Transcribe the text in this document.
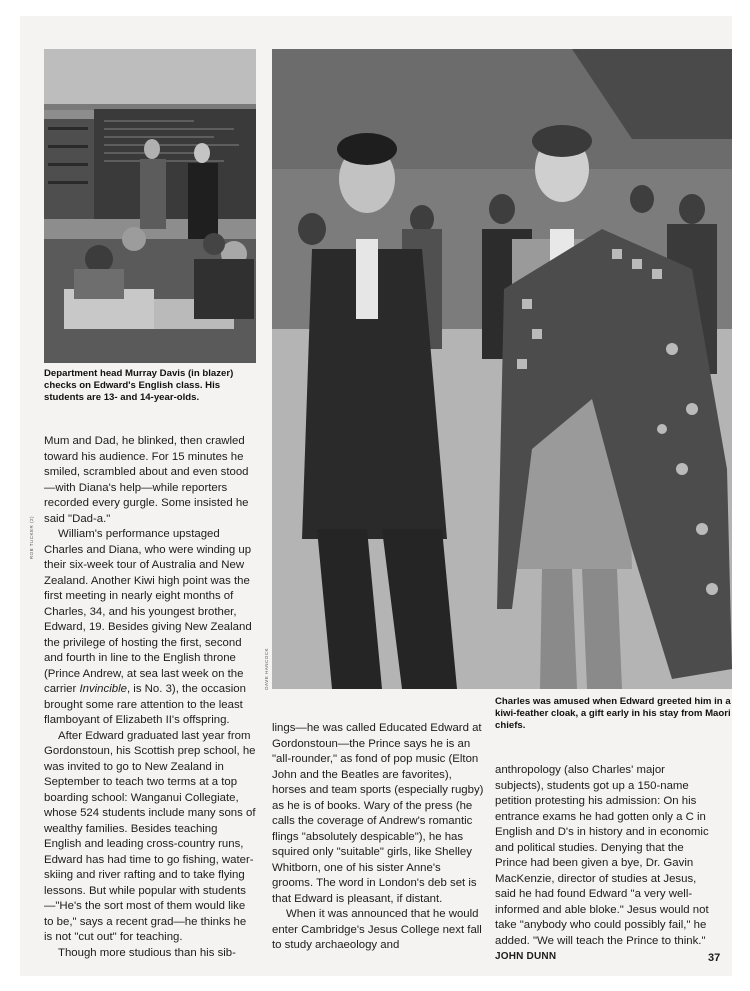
Department head Murray Davis (in blazer) checks on Edward's English class. His students are 13- and 14-year-olds.
ROB TUCKER (2)
DAVE HANCOCK
Charles was amused when Edward greeted him in a kiwi-feather cloak, a gift early in his stay from Maori chiefs.

Mum and Dad, he blinked, then crawled toward his audience. For 15 minutes he smiled, scrambled about and even stood—with Diana's help—while reporters recorded every gurgle. Some insisted he said "Dad-a."

William's performance upstaged Charles and Diana, who were winding up their six-week tour of Australia and New Zealand. Another Kiwi high point was the first meeting in nearly eight months of Charles, 34, and his youngest brother, Edward, 19. Besides giving New Zealand the privilege of hosting the first, second and fourth in line to the English throne (Prince Andrew, at sea last week on the carrier Invincible, is No. 3), the occasion brought some rare attention to the least flamboyant of Elizabeth II's offspring.

After Edward graduated last year from Gordonstoun, his Scottish prep school, he was invited to go to New Zealand in September to teach two terms at a top boarding school: Wanganui Collegiate, whose 524 students include many sons of wealthy families. Besides teaching English and leading cross-country runs, Edward has had time to go fishing, water-skiing and river rafting and to take flying lessons. But while popular with students—"He's the sort most of them would like to be," says a recent grad—he thinks he is not "cut out" for teaching.

Though more studious than his sib-

lings—he was called Educated Edward at Gordonstoun—the Prince says he is an "all-rounder," as fond of pop music (Elton John and the Beatles are favorites), horses and team sports (especially rugby) as he is of books. Wary of the press (he calls the coverage of Andrew's romantic flings "absolutely despicable"), he has squired only "suitable" girls, like Shelley Whitborn, one of his sister Anne's grooms. The word in London's deb set is that Edward is pleasant, if distant.

When it was announced that he would enter Cambridge's Jesus College next fall to study archaeology and

anthropology (also Charles' major subjects), students got up a 150-name petition protesting his admission: On his entrance exams he had gotten only a C in English and D's in history and in economic and political studies. Denying that the Prince had been given a bye, Dr. Gavin MacKenzie, director of studies at Jesus, said he had found Edward "a very well-informed and able bloke." Jesus would not take "anybody who could possibly fail," he added. "We will teach the Prince to think." JOHN DUNN	37
